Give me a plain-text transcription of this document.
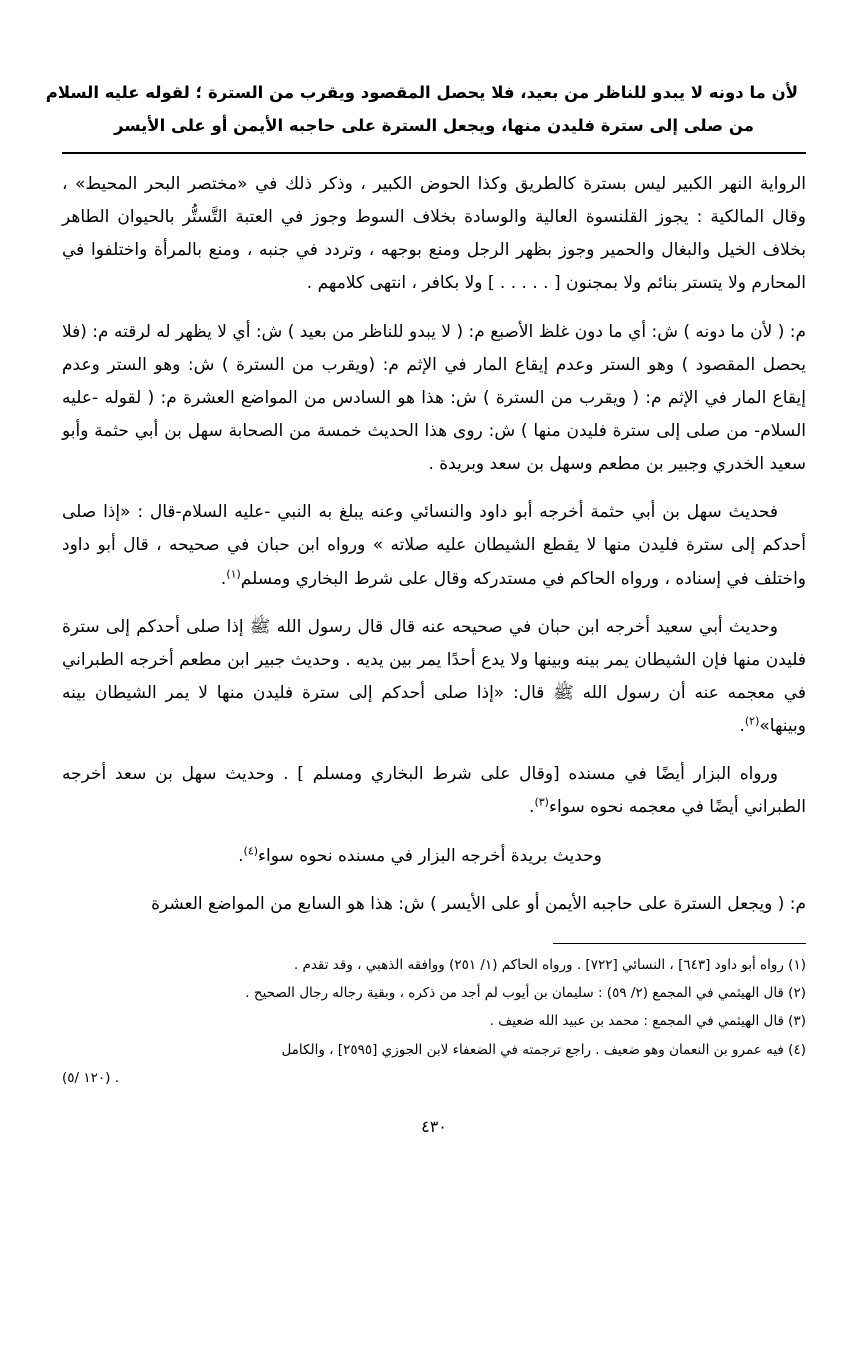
لأن ما دونه لا يبدو للناظر من بعيد، فلا يحصل المقصود ويقرب من السترة ؛ لقوله عليه السلام
من صلى إلى سترة فليدن منها، ويجعل السترة على حاجبه الأيمن أو على الأيسر

الرواية النهر الكبير ليس بسترة كالطريق وكذا الحوض الكبير ، وذكر ذلك في «مختصر البحر المحيط» ، وقال المالكية : يجوز القلنسوة العالية والوسادة بخلاف السوط وجوز في العتبة التَّستُّر بالحيوان الطاهر بخلاف الخيل والبغال والحمير وجوز بظهر الرجل ومنع بوجهه ، وتردد في جنبه ، ومنع بالمرأة واختلفوا في المحارم ولا يتستر بنائم ولا بمجنون [ . . . . . ] ولا بكافر ، انتهى كلامهم .

م: ( لأن ما دونه ) ش: أي ما دون غلظ الأصبع م: ( لا يبدو للناظر من بعيد ) ش: أي لا يظهر له لرقته م: (فلا يحصل المقصود ) وهو الستر وعدم إيقاع المار في الإثم م: (ويقرب من السترة ) ش: وهو الستر وعدم إيقاع المار في الإثم م: ( ويقرب من السترة ) ش: هذا هو السادس من المواضع العشرة م: ( لقوله -عليه السلام- من صلى إلى سترة فليدن منها ) ش: روى هذا الحديث خمسة من الصحابة سهل بن أبي حثمة وأبو سعيد الخدري وجبير بن مطعم وسهل بن سعد وبريدة .

فحديث سهل بن أبي حثمة أخرجه أبو داود والنسائي وعنه يبلغ به النبي -عليه السلام-قال : «إذا صلى أحدكم إلى سترة فليدن منها لا يقطع الشيطان عليه صلاته » ورواه ابن حبان في صحيحه ، قال أبو داود واختلف في إسناده ، ورواه الحاكم في مستدركه وقال على شرط البخاري ومسلم$^{(١)}$.

وحديث أبي سعيد أخرجه ابن حبان في صحيحه عنه قال قال رسول الله ﷺ إذا صلى أحدكم إلى سترة فليدن منها فإن الشيطان يمر بينه وبينها ولا يدع أحدًا يمر بين يديه . وحديث جبير ابن مطعم أخرجه الطبراني في معجمه عنه أن رسول الله ﷺ قال: «إذا صلى أحدكم إلى سترة فليدن منها لا يمر الشيطان بينه وبينها»$^{(٢)}$.

ورواه البزار أيضًا في مسنده [وقال على شرط البخاري ومسلم ] . وحديث سهل بن سعد أخرجه الطبراني أيضًا في معجمه نحوه سواء$^{(٣)}$.

وحديث بريدة أخرجه البزار في مسنده نحوه سواء$^{(٤)}$.

م: ( ويجعل السترة على حاجبه الأيمن أو على الأيسر ) ش: هذا هو السابع من المواضع العشرة

(١) رواه أبو داود [٦٤٣] ، النسائي [٧٢٢] . ورواه الحاكم (١/ ٢٥١) ووافقه الذهبي ، وقد تقدم .
(٢) قال الهيثمي في المجمع (٢/ ٥٩) : سليمان بن أيوب لم أجد من ذكره ، وبقية رجاله رجال الصحيح .
(٣) قال الهيثمي في المجمع : محمد بن عبيد الله ضعيف .
(٤) فيه عمرو بن النعمان وهو ضعيف . راجع ترجمته في الضعفاء لابن الجوزي [٢٥٩٥] ، والكامل
. (١٢٠ /٥)
٤٣٠
